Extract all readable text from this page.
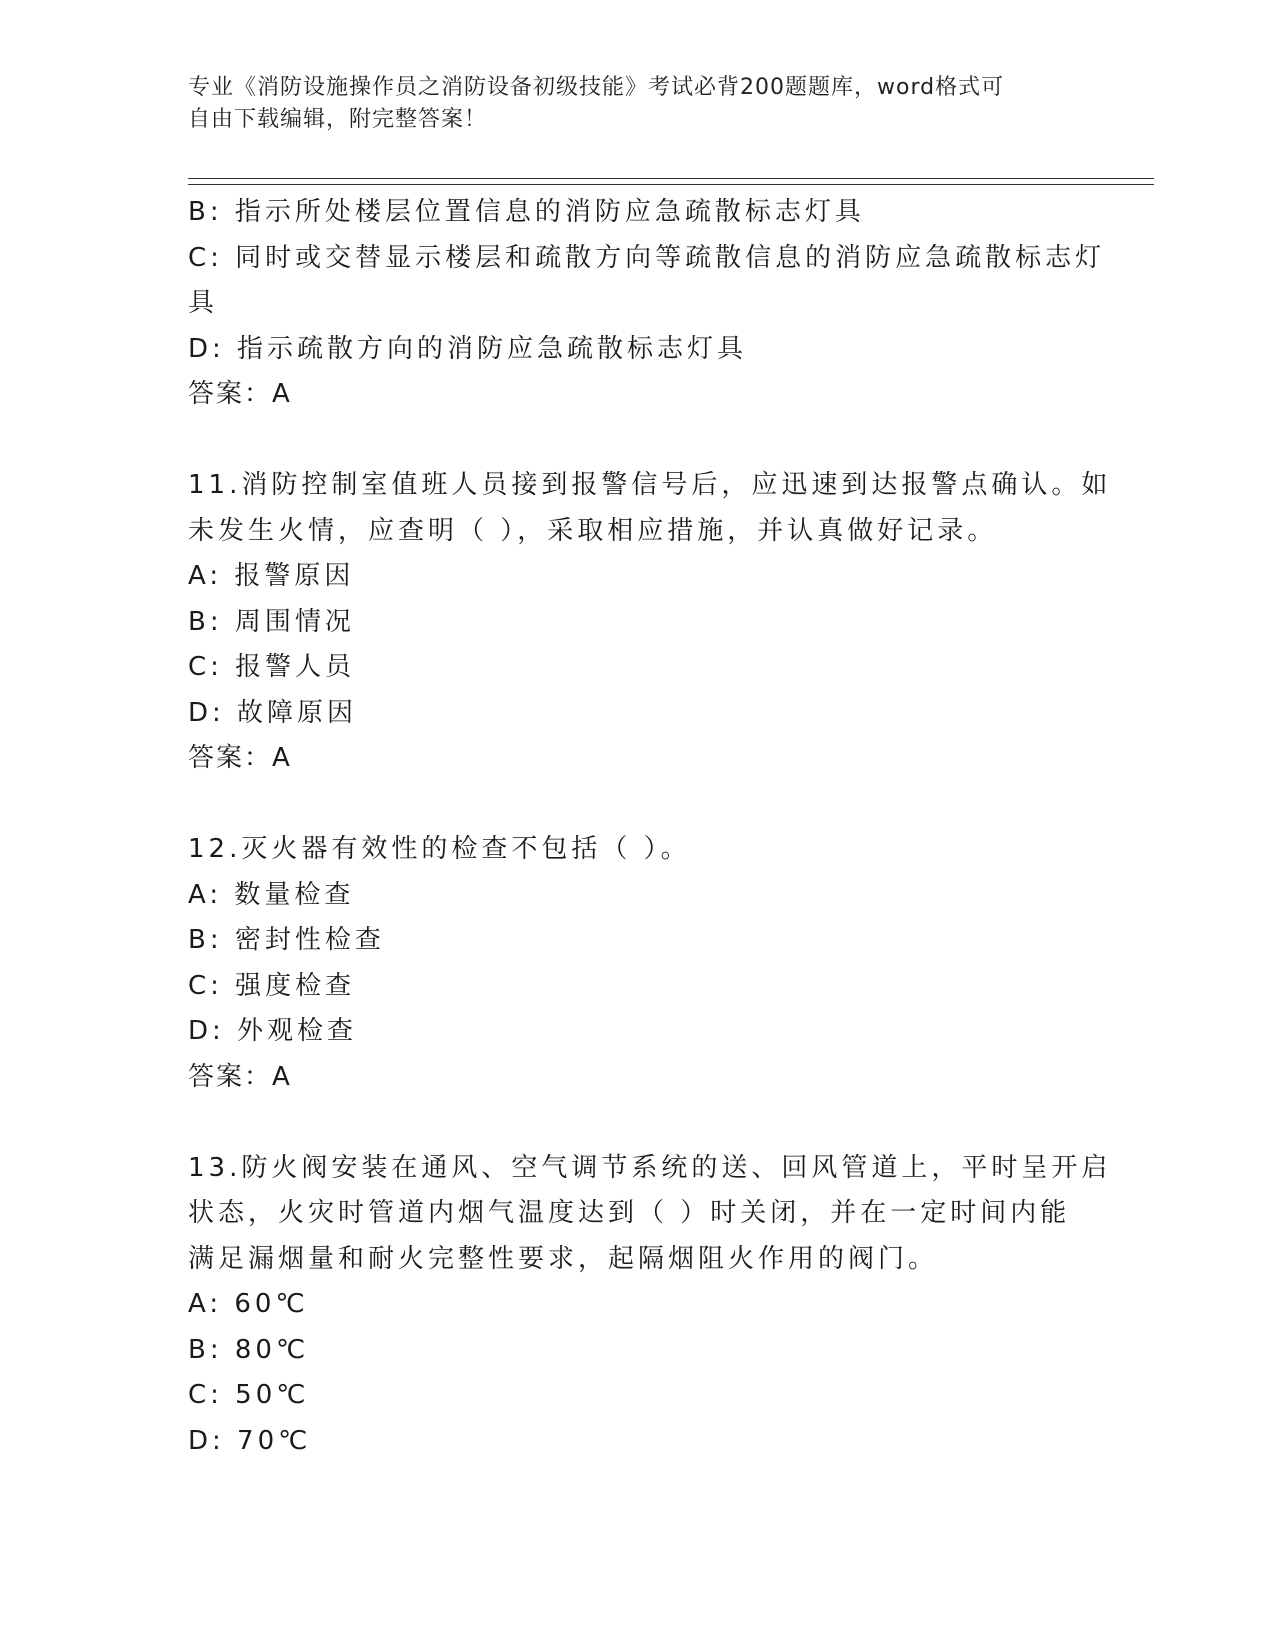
专业《消防设施操作员之消防设备初级技能》考试必背200题题库，word格式可
自由下载编辑，附完整答案！
B: 指示所处楼层位置信息的消防应急疏散标志灯具
C: 同时或交替显示楼层和疏散方向等疏散信息的消防应急疏散标志灯
具
D: 指示疏散方向的消防应急疏散标志灯具
答案：A
11.消防控制室值班人员接到报警信号后，应迅速到达报警点确认。如
未发生火情，应查明（ ），采取相应措施，并认真做好记录。
A: 报警原因
B: 周围情况
C: 报警人员
D: 故障原因
答案：A
12.灭火器有效性的检查不包括（ ）。
A: 数量检查
B: 密封性检查
C: 强度检查
D: 外观检查
答案：A
13.防火阀安装在通风、空气调节系统的送、回风管道上，平时呈开启
状态，火灾时管道内烟气温度达到（ ）时关闭，并在一定时间内能
满足漏烟量和耐火完整性要求，起隔烟阻火作用的阀门。
A: 60℃
B: 80℃
C: 50℃
D: 70℃
